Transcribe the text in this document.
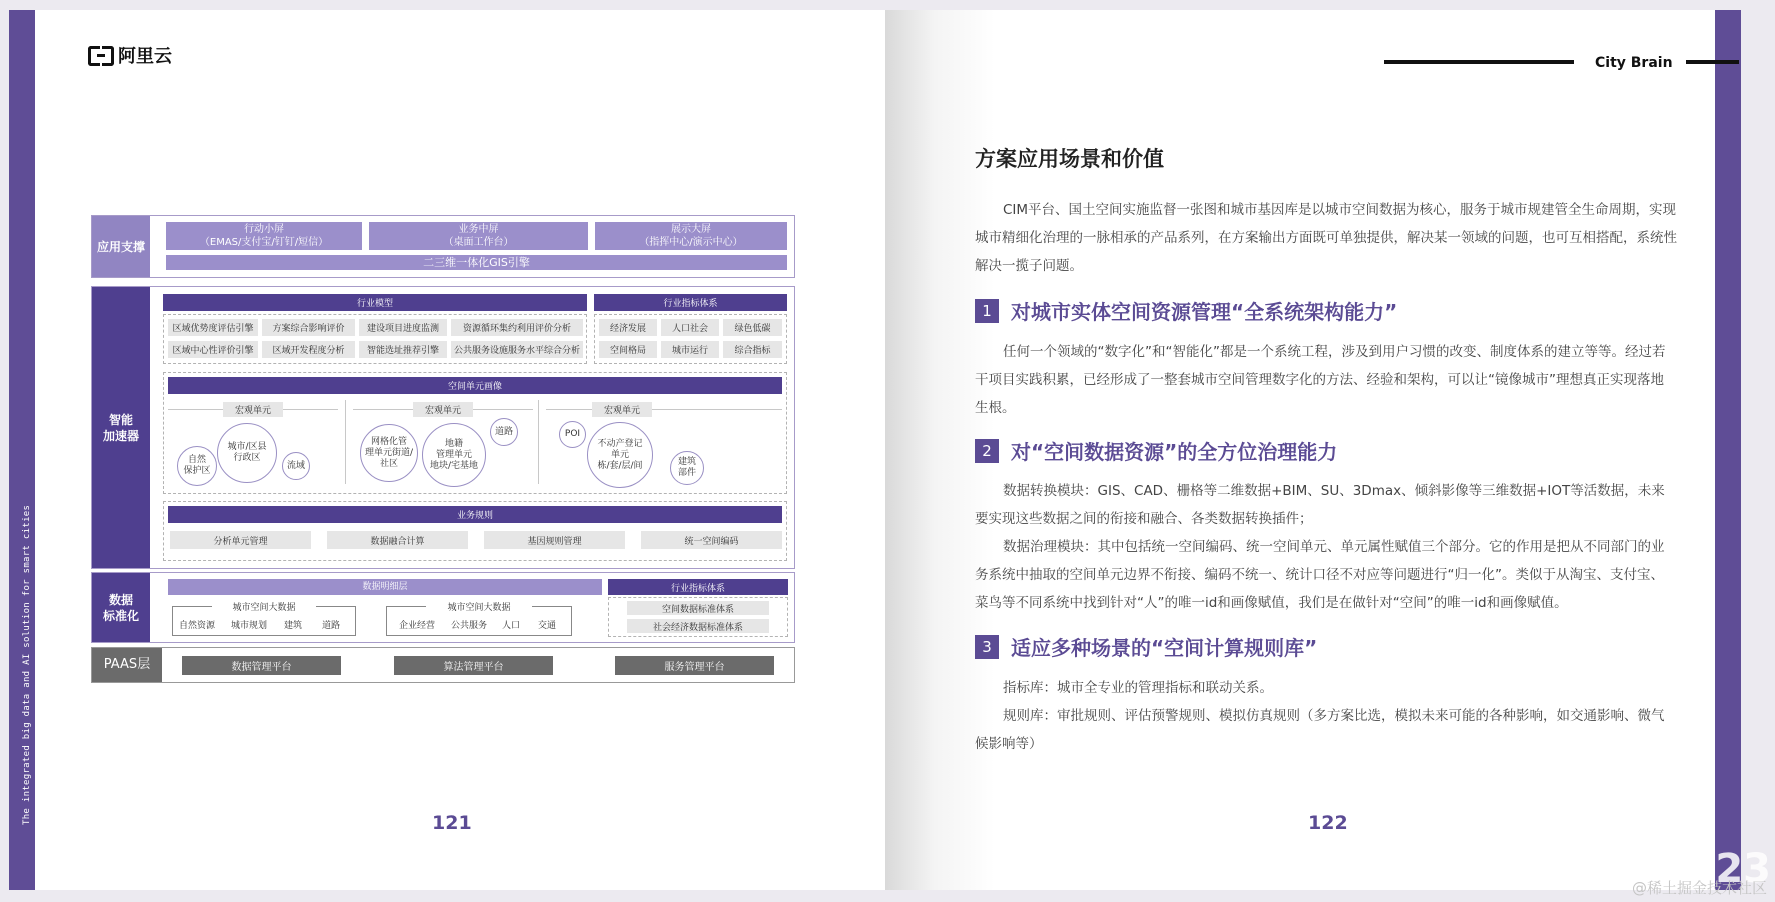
The integrated big data and AI solution for smart cities
阿里云
应用支撑
行动小屏
（EMAS/支付宝/钉钉/短信）
业务中屏
（桌面工作台）
展示大屏
（指挥中心/演示中心）
二三维一体化GIS引擎
智能
加速器
行业模型
区域优势度评估引擎	方案综合影响评价	建设项目进度监测	资源循环集约利用评价分析
区域中心性评价引擎	区域开发程度分析	智能选址推荐引擎	公共服务设施服务水平综合分析
行业指标体系
经济发展	人口社会	绿色低碳
空间格局	城市运行	综合指标
空间单元画像
宏观单元
自然
保护区
城市/区县
行政区
流域
宏观单元
网格化管
理单元街道/
社区
地籍
管理单元
地块/宅基地
道路
宏观单元
POI
不动产登记
单元
栋/套/层/间	建筑
部件
业务规则
分析单元管理	数据融合计算	基因规则管理	统一空间编码
数据
标准化
数据明细层
城市空间大数据
自然资源	城市规划	建筑	道路
城市空间大数据
企业经营	公共服务	人口	交通
行业指标体系
空间数据标准体系
社会经济数据标准体系
PAAS层	数据管理平台	算法管理平台	服务管理平台
121
City Brain
方案应用场景和价值
CIM平台、国土空间实施监督一张图和城市基因库是以城市空间数据为核心，服务于城市规建管全生命周期，实现城市精细化治理的一脉相承的产品系列，在方案输出方面既可单独提供，解决某一领域的问题，也可互相搭配，系统性解决一揽子问题。
1 对城市实体空间资源管理“全系统架构能力”
任何一个领域的“数字化”和“智能化”都是一个系统工程，涉及到用户习惯的改变、制度体系的建立等等。经过若干项目实践积累，已经形成了一整套城市空间管理数字化的方法、经验和架构，可以让“镜像城市”理想真正实现落地生根。
2 对“空间数据资源”的全方位治理能力
数据转换模块：GIS、CAD、栅格等二维数据+BIM、SU、3Dmax、倾斜影像等三维数据+IOT等活数据，未来要实现这些数据之间的衔接和融合、各类数据转换插件；
数据治理模块：其中包括统一空间编码、统一空间单元、单元属性赋值三个部分。它的作用是把从不同部门的业务系统中抽取的空间单元边界不衔接、编码不统一、统计口径不对应等问题进行“归一化”。类似于从淘宝、支付宝、菜鸟等不同系统中找到针对“人”的唯一id和画像赋值，我们是在做针对“空间”的唯一id和画像赋值。
3 适应多种场景的“空间计算规则库”
指标库：城市全专业的管理指标和联动关系。
规则库：审批规则、评估预警规则、模拟仿真规则（多方案比选，模拟未来可能的各种影响，如交通影响、微气候影响等）
122
23
@稀土掘金技术社区
